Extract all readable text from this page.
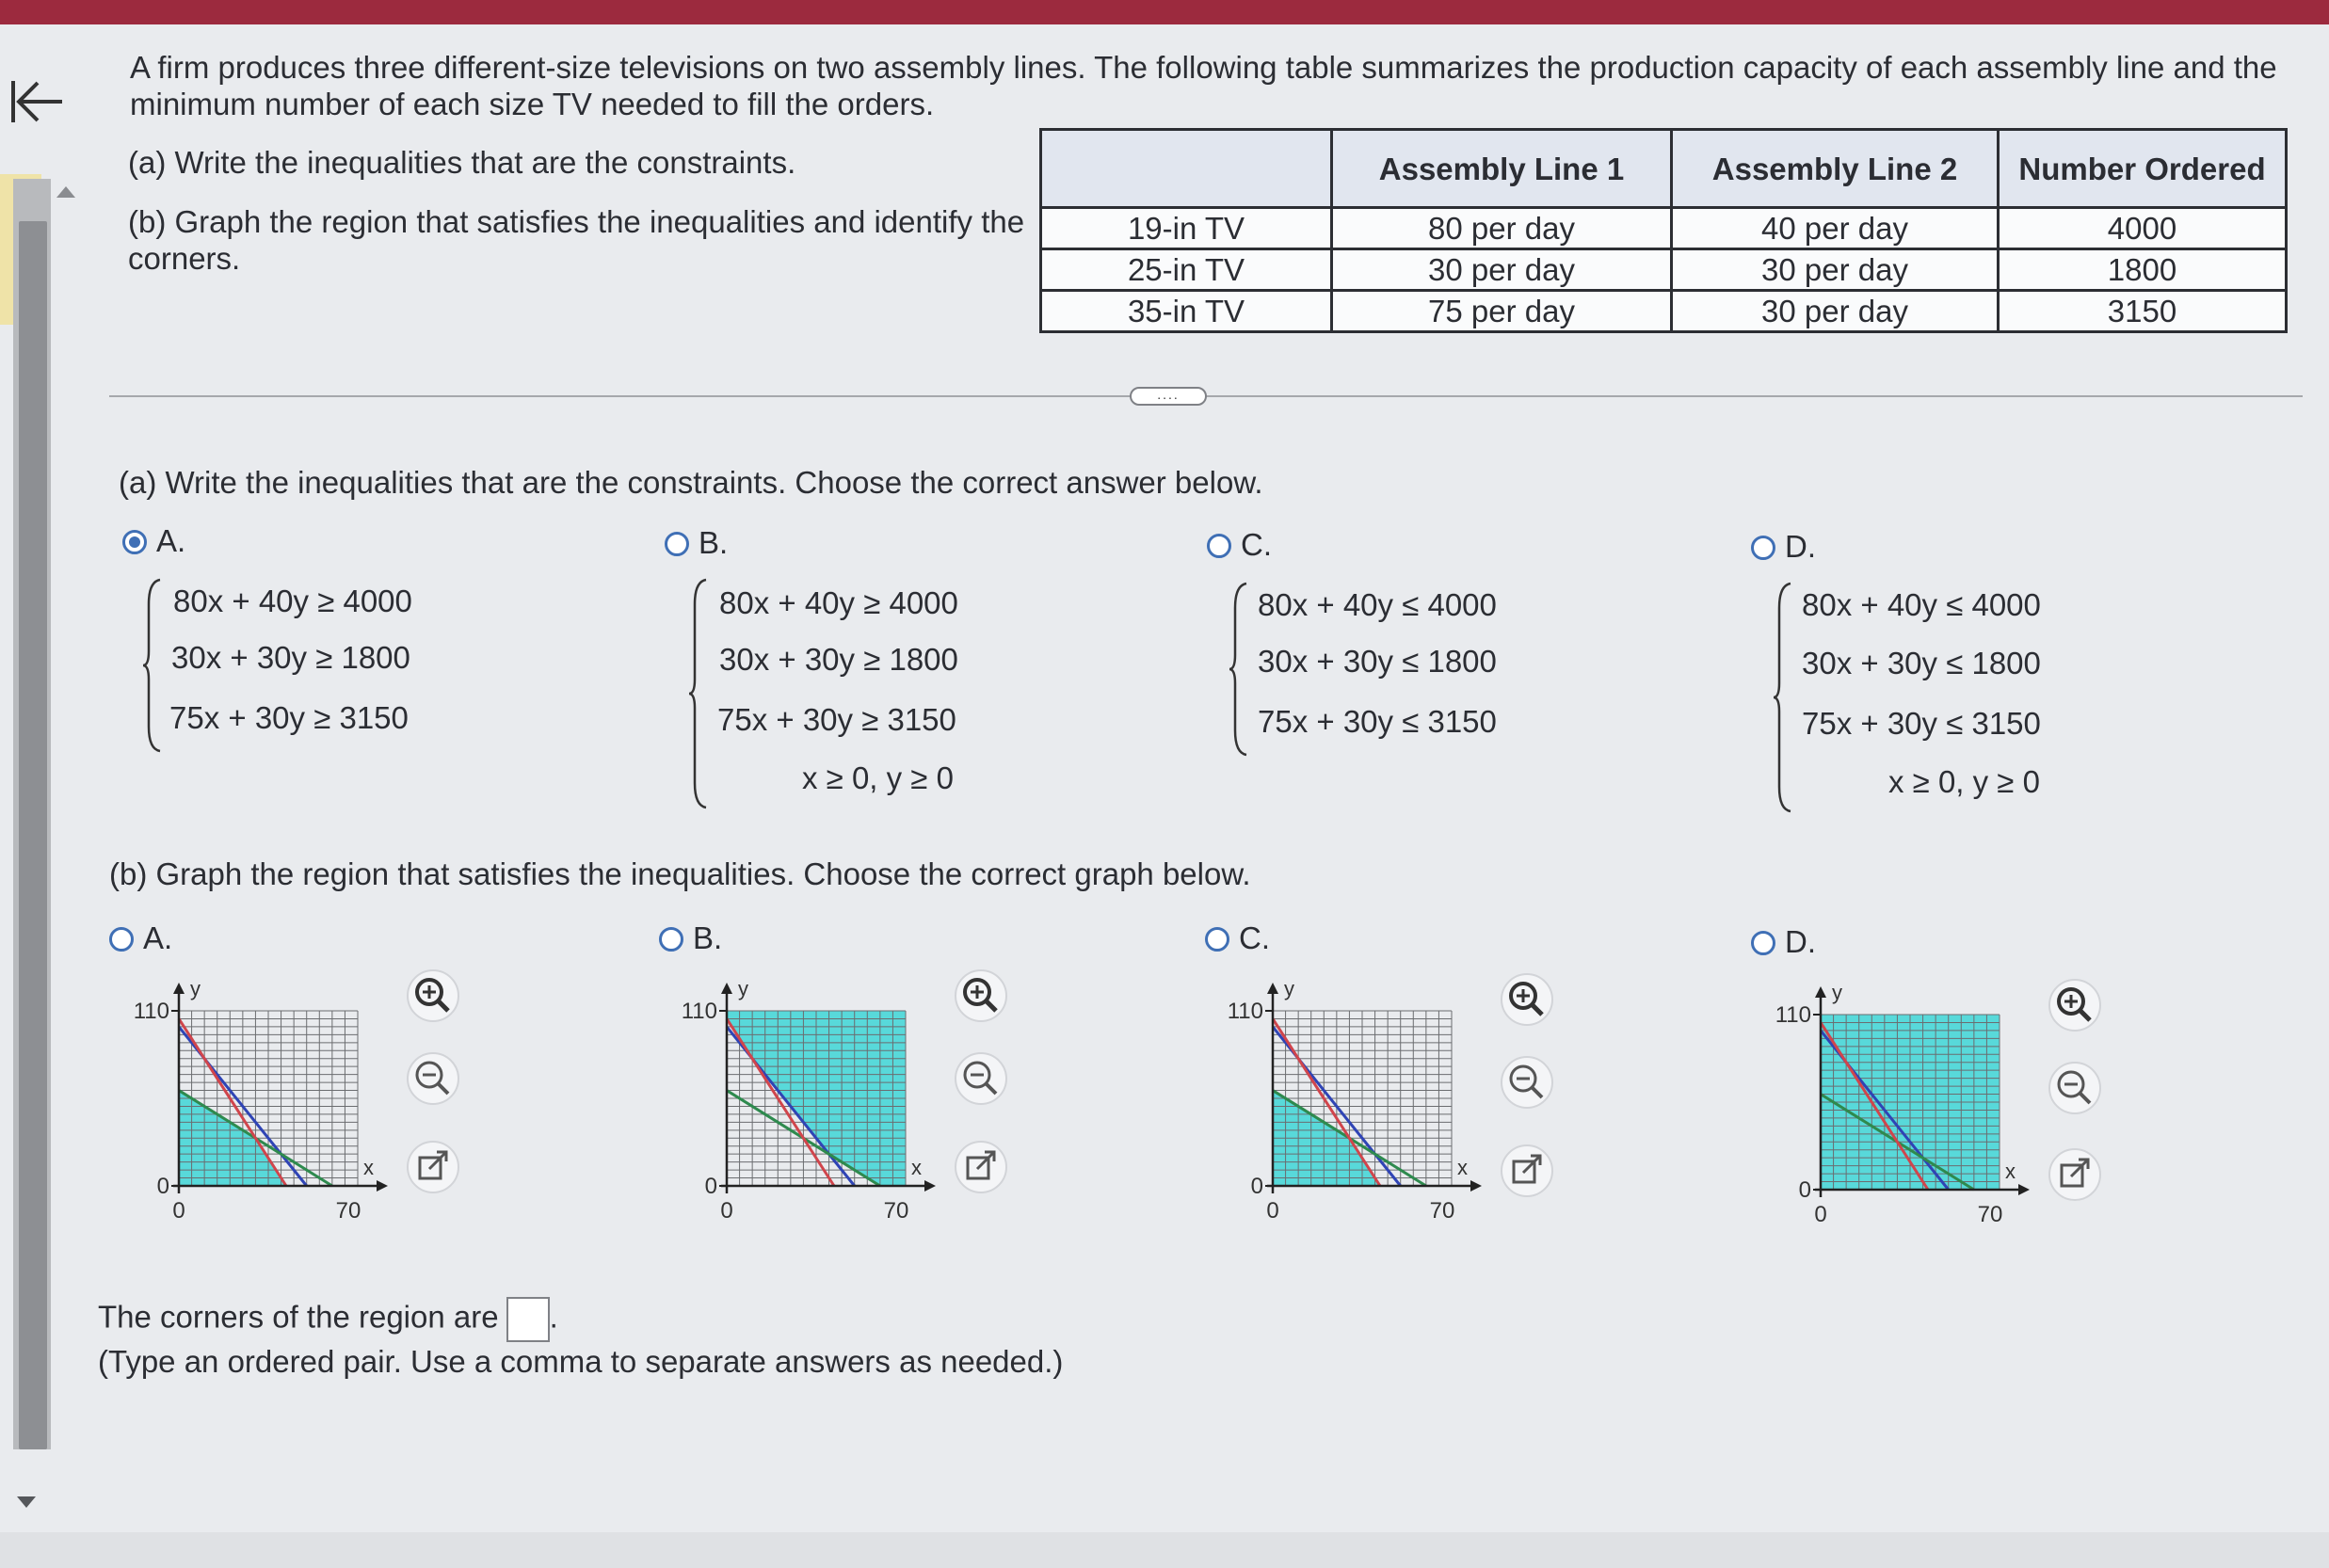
A firm produces three different-size televisions on two assembly lines. The following table summarizes the production capacity of each assembly line and the minimum number of each size TV needed to fill the orders.
(a) Write the inequalities that are the constraints.
(b) Graph the region that satisfies the inequalities and identify the corners.
	Assembly Line 1	Assembly Line 2	Number Ordered
19-in TV	80 per day	40 per day	4000
25-in TV	30 per day	30 per day	1800
35-in TV	75 per day	30 per day	3150
....
(a) Write the inequalities that are the constraints. Choose the correct answer below.
A.	B.	C.	D.
80x + 40y ≥ 4000
30x + 30y ≥ 1800
75x + 30y ≥ 3150
80x + 40y ≥ 4000
30x + 30y ≥ 1800
75x + 30y ≥ 3150
x ≥ 0, y ≥ 0
80x + 40y ≤ 4000
30x + 30y ≤ 1800
75x + 30y ≤ 3150
80x + 40y ≤ 4000
30x + 30y ≤ 1800
75x + 30y ≤ 3150
x ≥ 0, y ≥ 0
(b) Graph the region that satisfies the inequalities. Choose the correct graph below.
A.	B.	C.	D.
y
x
110
0
0	70
y
x
110
0
0	70
y
x
110
0
0	70
y
x
110
0
0	70
The corners of the region are .
(Type an ordered pair. Use a comma to separate answers as needed.)
